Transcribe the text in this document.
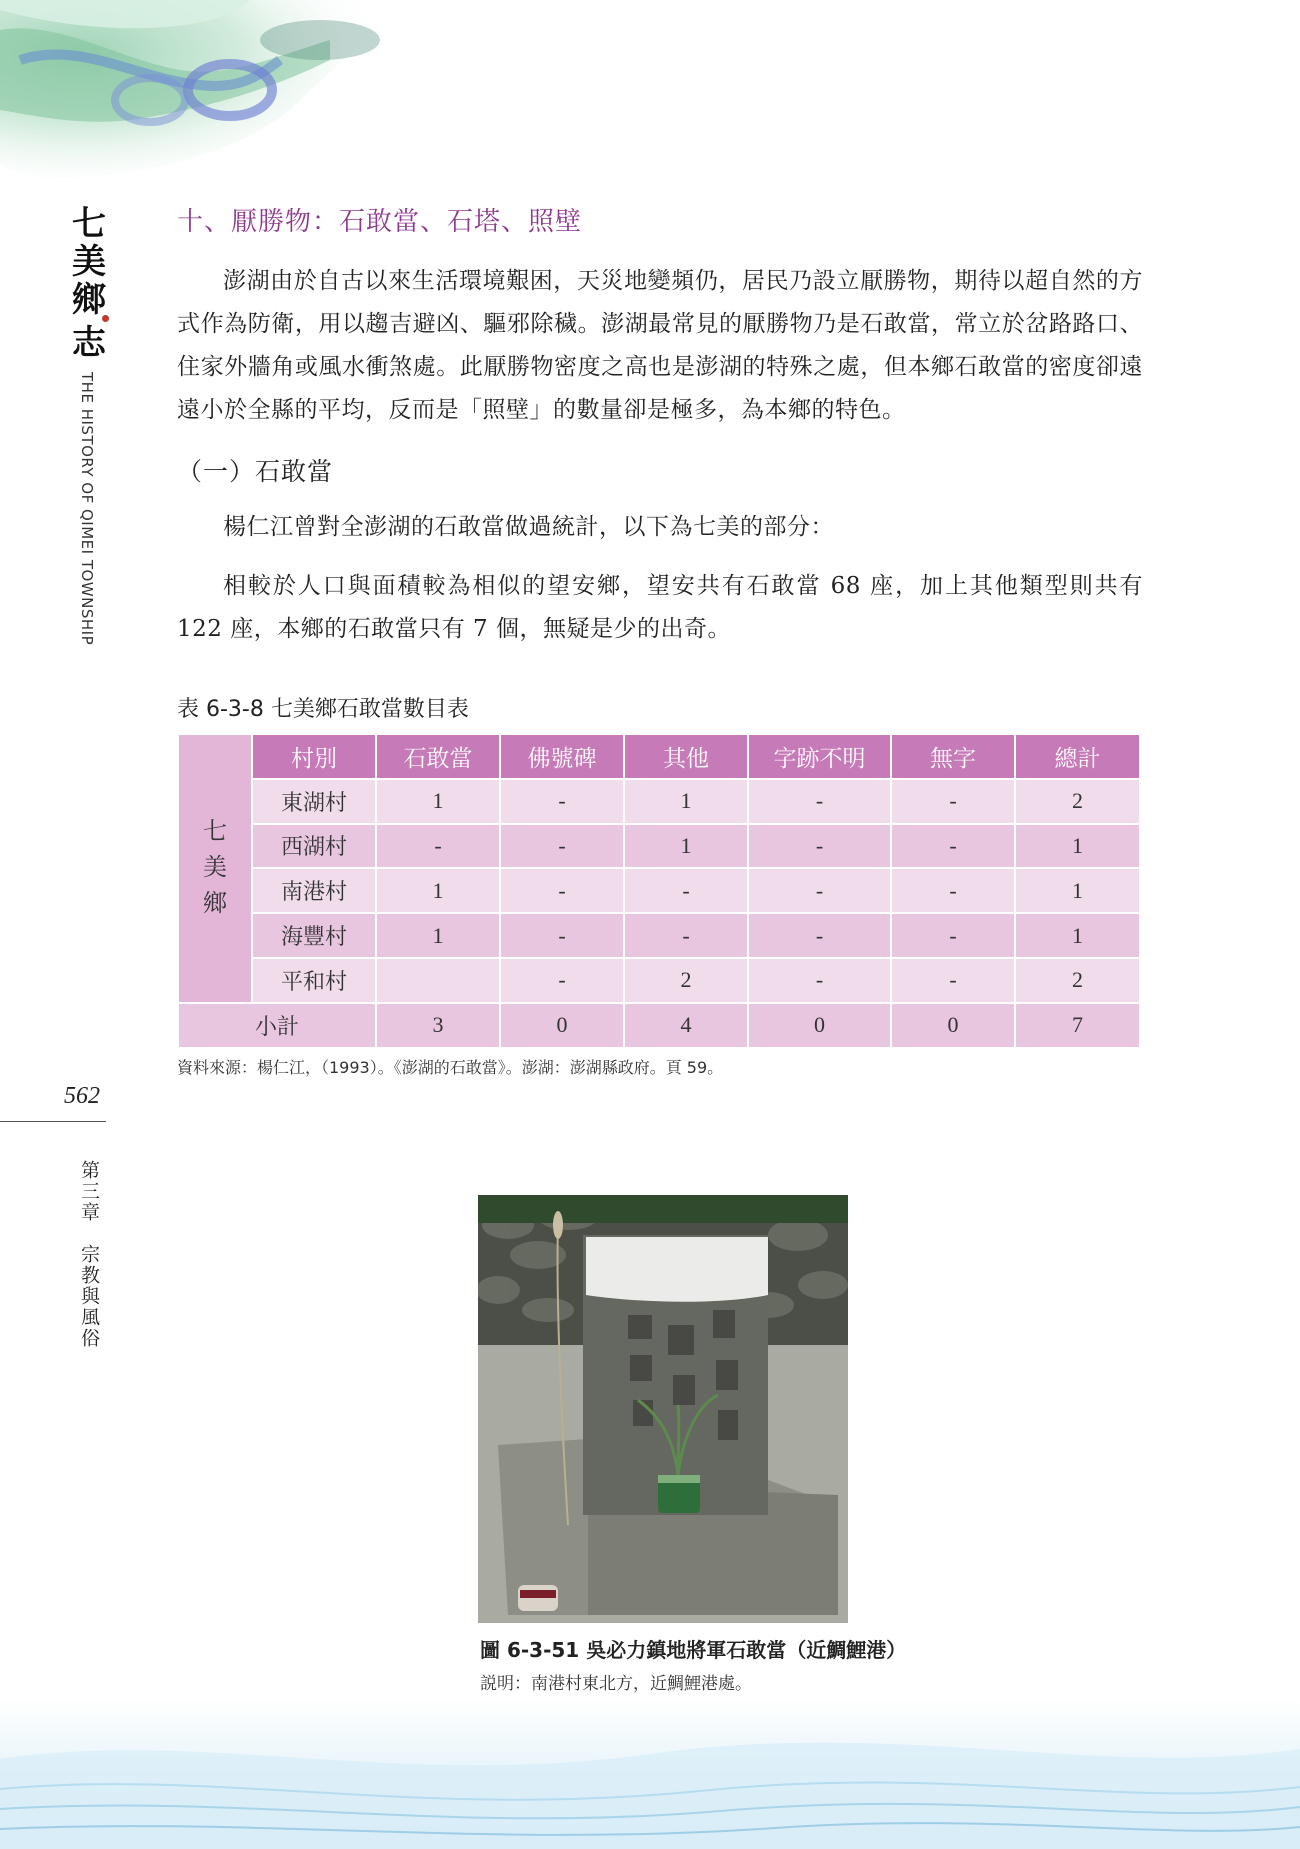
七
美
鄉
志
THE HISTORY OF QIMEI TOWNSHIP
562
第三章　宗教與風俗
十、厭勝物：石敢當、石塔、照壁

澎湖由於自古以來生活環境艱困，天災地變頻仍，居民乃設立厭勝物，期待以超自然的方式作為防衛，用以趨吉避凶、驅邪除穢。澎湖最常見的厭勝物乃是石敢當，常立於岔路路口、住家外牆角或風水衝煞處。此厭勝物密度之高也是澎湖的特殊之處，但本鄉石敢當的密度卻遠遠小於全縣的平均，反而是「照壁」的數量卻是極多，為本鄉的特色。

（一）石敢當

楊仁江曾對全澎湖的石敢當做過統計，以下為七美的部分：

相較於人口與面積較為相似的望安鄉，望安共有石敢當 68 座，加上其他類型則共有 122 座，本鄉的石敢當只有 7 個，無疑是少的出奇。

表 6-3-8 七美鄉石敢當數目表
七
美
鄉	村別	石敢當	佛號碑	其他	字跡不明	無字	總計
	東湖村	1	-	1	-	-	2
	西湖村	-	-	1	-	-	1
	南港村	1	-	-	-	-	1
	海豐村	1	-	-	-	-	1
	平和村		-	2	-	-	2
小計		3	0	4	0	0	7
資料來源：楊仁江，（1993）。《澎湖的石敢當》。澎湖：澎湖縣政府。頁 59。
圖 6-3-51 吳必力鎮地將軍石敢當（近鯛鯉港）
説明：南港村東北方，近鯛鯉港處。
